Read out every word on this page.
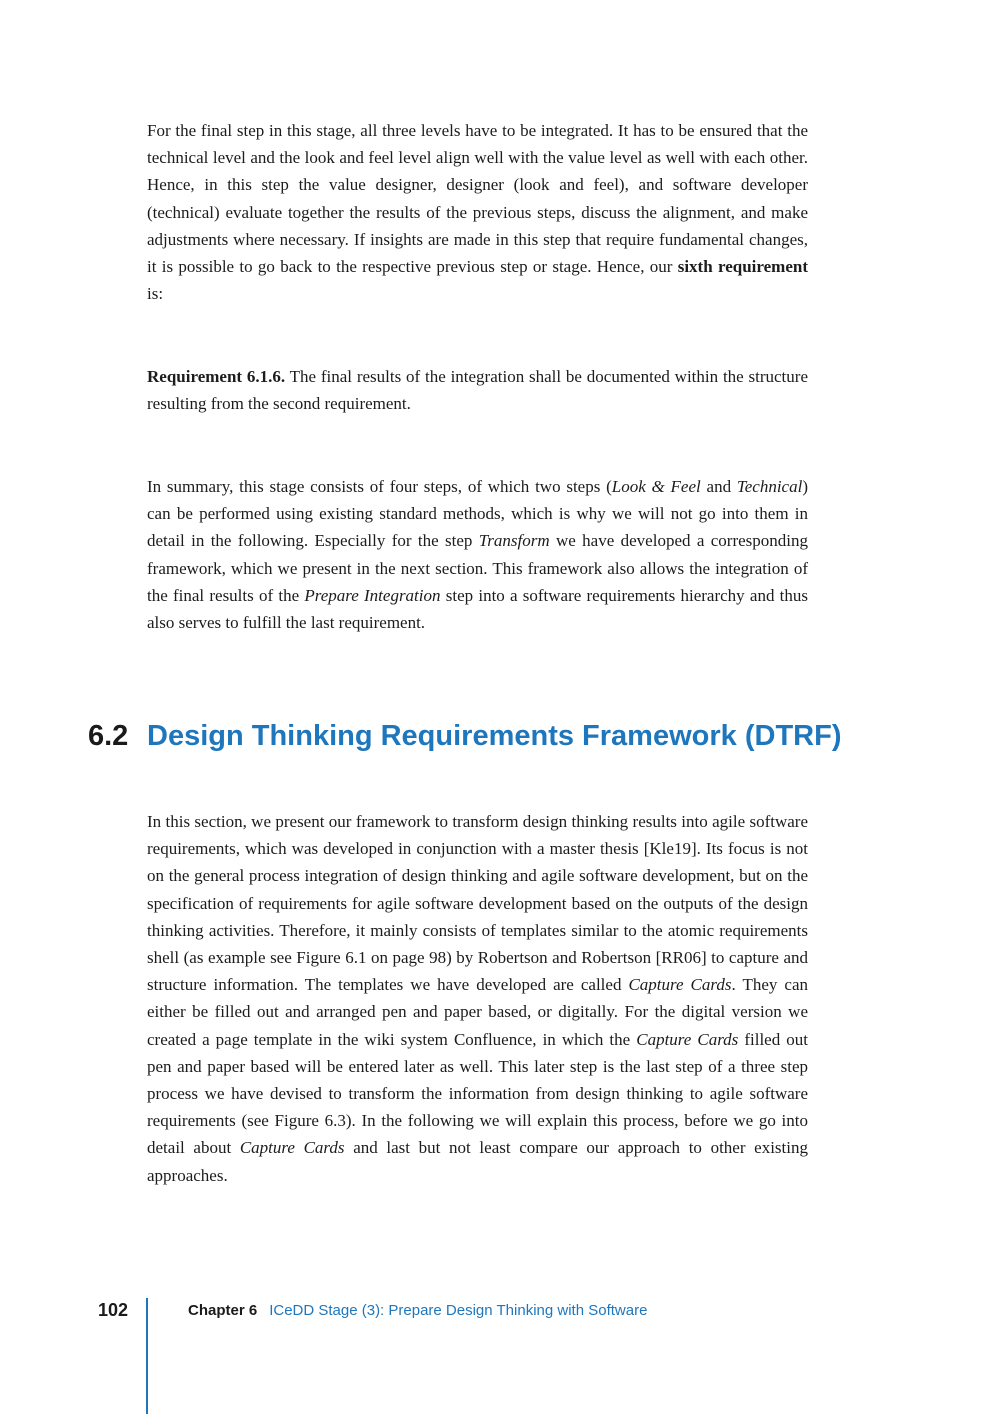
For the final step in this stage, all three levels have to be integrated. It has to be ensured that the technical level and the look and feel level align well with the value level as well with each other. Hence, in this step the value designer, designer (look and feel), and software developer (technical) evaluate together the results of the previous steps, discuss the alignment, and make adjustments where necessary. If insights are made in this step that require fundamental changes, it is possible to go back to the respective previous step or stage. Hence, our sixth requirement is:

Requirement 6.1.6. The final results of the integration shall be documented within the structure resulting from the second requirement.

In summary, this stage consists of four steps, of which two steps (Look & Feel and Technical) can be performed using existing standard methods, which is why we will not go into them in detail in the following. Especially for the step Transform we have developed a corresponding framework, which we present in the next section. This framework also allows the integration of the final results of the Prepare Integration step into a software requirements hierarchy and thus also serves to fulfill the last requirement.

6.2 Design Thinking Requirements Framework (DTRF)

In this section, we present our framework to transform design thinking results into agile software requirements, which was developed in conjunction with a master thesis [Kle19]. Its focus is not on the general process integration of design thinking and agile software development, but on the specification of requirements for agile software development based on the outputs of the design thinking activities. Therefore, it mainly consists of templates similar to the atomic requirements shell (as example see Figure 6.1 on page 98) by Robertson and Robertson [RR06] to capture and structure information. The templates we have developed are called Capture Cards. They can either be filled out and arranged pen and paper based, or digitally. For the digital version we created a page template in the wiki system Confluence, in which the Capture Cards filled out pen and paper based will be entered later as well. This later step is the last step of a three step process we have devised to transform the information from design thinking to agile software requirements (see Figure 6.3). In the following we will explain this process, before we go into detail about Capture Cards and last but not least compare our approach to other existing approaches.

102	Chapter 6 ICeDD Stage (3): Prepare Design Thinking with Software
